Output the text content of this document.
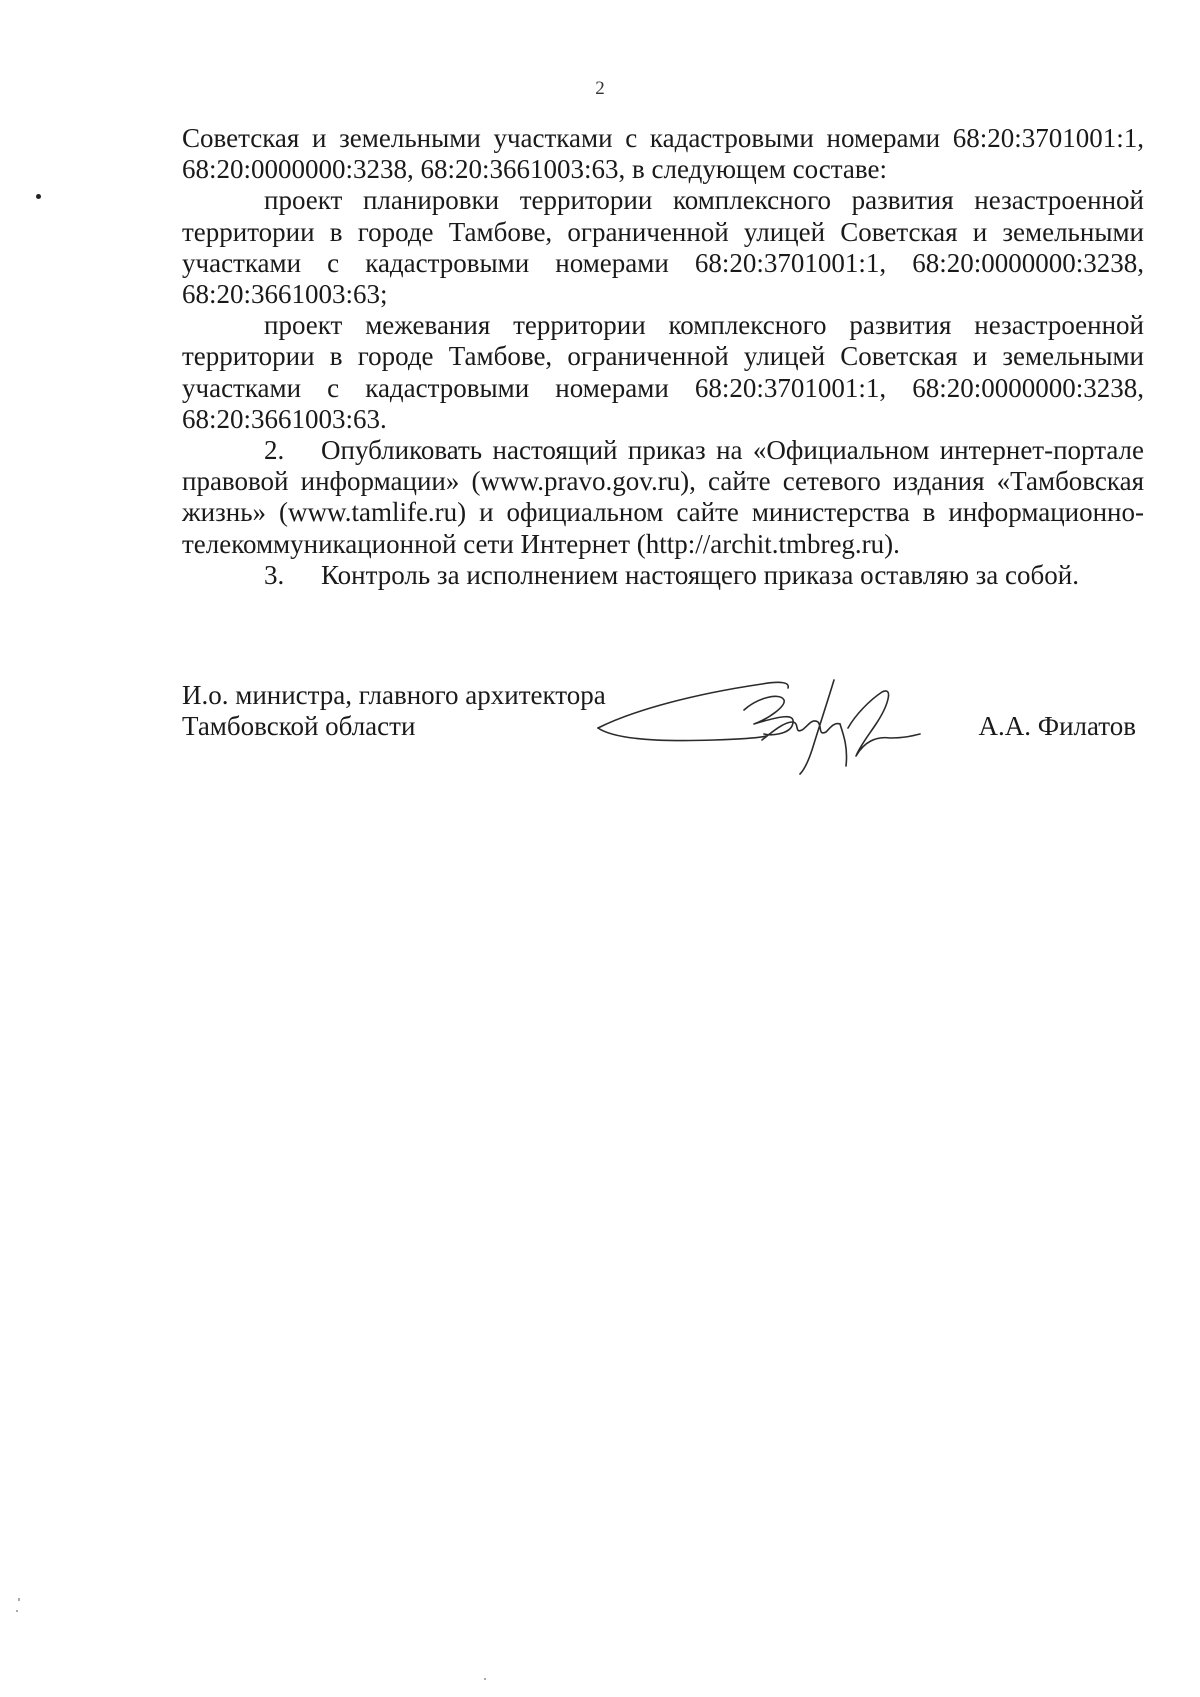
2

Советская и земельными участками с кадастровыми номерами 68:20:3701001:1, 68:20:0000000:3238, 68:20:3661003:63, в следующем составе:

проект планировки территории комплексного развития незастроенной территории в городе Тамбове, ограниченной улицей Советская и земельными участками с кадастровыми номерами 68:20:3701001:1, 68:20:0000000:3238, 68:20:3661003:63;

проект межевания территории комплексного развития незастроенной территории в городе Тамбове, ограниченной улицей Советская и земельными участками с кадастровыми номерами 68:20:3701001:1, 68:20:0000000:3238, 68:20:3661003:63.

2. Опубликовать настоящий приказ на «Официальном интернет-портале правовой информации» (www.pravo.gov.ru), сайте сетевого издания «Тамбовская жизнь» (www.tamlife.ru) и официальном сайте министерства в информационно-телекоммуникационной сети Интернет (http://archit.tmbreg.ru).

3. Контроль за исполнением настоящего приказа оставляю за собой.

И.о. министра, главного архитектора
Тамбовской области	А.А. Филатов
